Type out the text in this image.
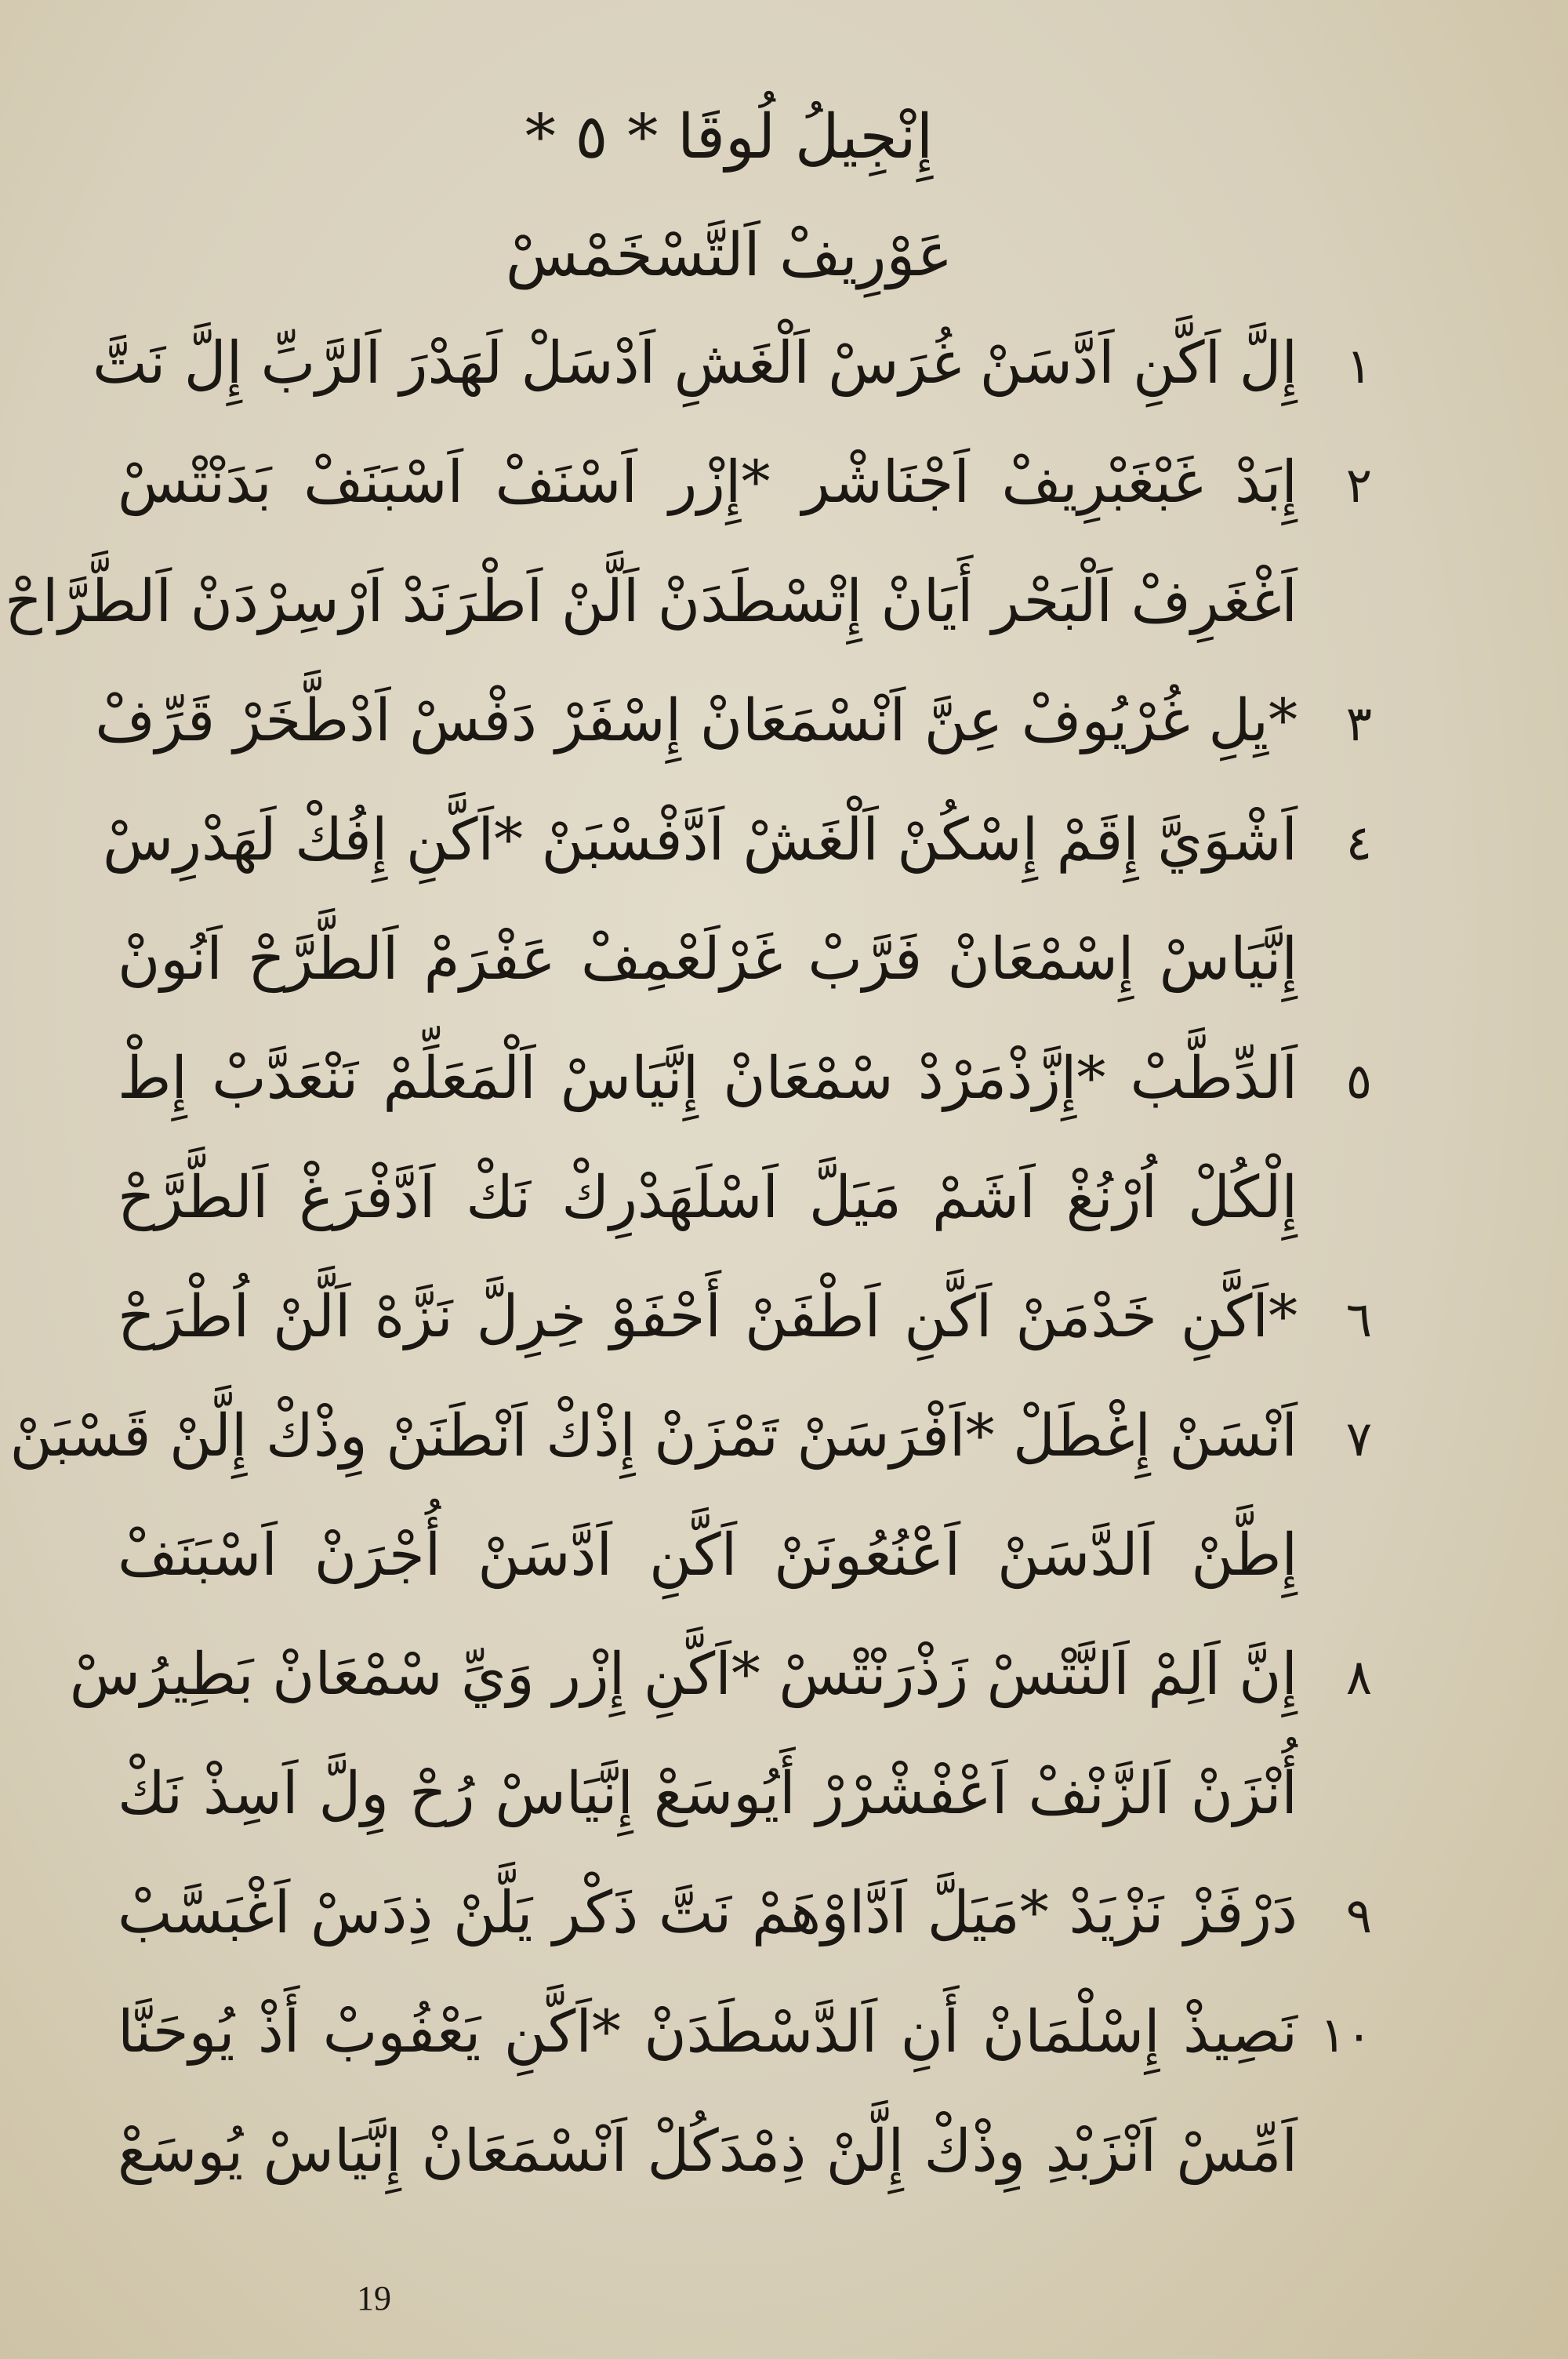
إِنْجِيلُ لُوقَا * ٥ *
عَوْرِيفْ اَلتَّسْخَمْسْ
١
إِلَّ اَكَّنِ اَدَّسَنْ غُرَسْ اَلْغَشِ اَدْسَلْ لَهَدْرَ اَلرَّبِّ إِلَّ نَتَّ
٢
إِبَدْ غَبْغَبْرِيفْ اَجْنَاشْر *إِزْر اَسْنَفْ اَسْبَنَفْ بَدَنْتْسْ
اَغْغَرِفْ اَلْبَحْر أَيَانْ إِتْسْطَدَنْ اَلَّنْ اَطْرَنَدْ اَرْسِرْدَنْ اَلطَّرَّاحْ
٣
*يِلِ غُرْيُوفْ عِنَّ اَنْسْمَعَانْ إِسْفَرْ دَفْسْ اَدْطَّخَرْ قَرِّفْ
٤
اَشْوَيَّ إِقَمْ إِسْكُنْ اَلْغَشْ اَدَّفْسْبَنْ *اَكَّنِ إِفُكْ لَهَدْرِسْ
إِنَّيَاسْ إِسْمْعَانْ فَرَّبْ غَرْلَعْمِفْ عَفْرَمْ اَلطَّرَّحْ اَنُونْ
٥
اَلدِّطَّبْ *إِزَّذْمَرْدْ سْمْعَانْ إِنَّيَاسْ اَلْمَعَلِّمْ نَنْعَدَّبْ إِطْ
إِلْكُلْ اُرْنُغْ اَشَمْ مَيَلَّ اَسْلَهَدْرِكْ نَكْ اَدَّفْرَغْ اَلطَّرَّحْ
٦
*اَكَّنِ خَدْمَنْ اَكَّنِ اَطْفَنْ أَحْفَوْ خِرِلَّ نَزَّهْ اَلَّنْ اُطْرَحْ
٧
اَنْسَنْ إِغْطَلْ *اَفْرَسَنْ تَمْزَنْ إِذْكْ اَنْطَنَنْ وِذْكْ إِلَّنْ قَسْبَنْ
إِطَّنْ اَلدَّسَنْ اَعْنُعُونَنْ اَكَّنِ اَدَّسَنْ أُجْرَنْ اَسْبَنَفْ
٨
إِنَّ اَلِمْ اَلنَّتْسْ زَذْرَنْتْسْ *اَكَّنِ إِزْر وَيِّ سْمْعَانْ بَطِيرُسْ
أُنْزَنْ اَلزَّنْفْ اَعْفْشْرْرْ أَيُوسَعْ إِنَّيَاسْ رُحْ وِلَّ اَسِذْ نَكْ
٩
دَرْفَزْ نَزْيَدْ *مَيَلَّ اَدَّاوْهَمْ نَتَّ ذَكْر يَلَّنْ ذِدَسْ اَغْبَسَّبْ
١٠
نَصِيذْ إِسْلْمَانْ أَنِ اَلدَّسْطَدَنْ *اَكَّنِ يَعْفُوبْ أَذْ يُوحَنَّا
اَمِّسْ اَنْزَبْدِ وِذْكْ إِلَّنْ ذِمْدَكُلْ اَنْسْمَعَانْ إِنَّيَاسْ يُوسَعْ
19
